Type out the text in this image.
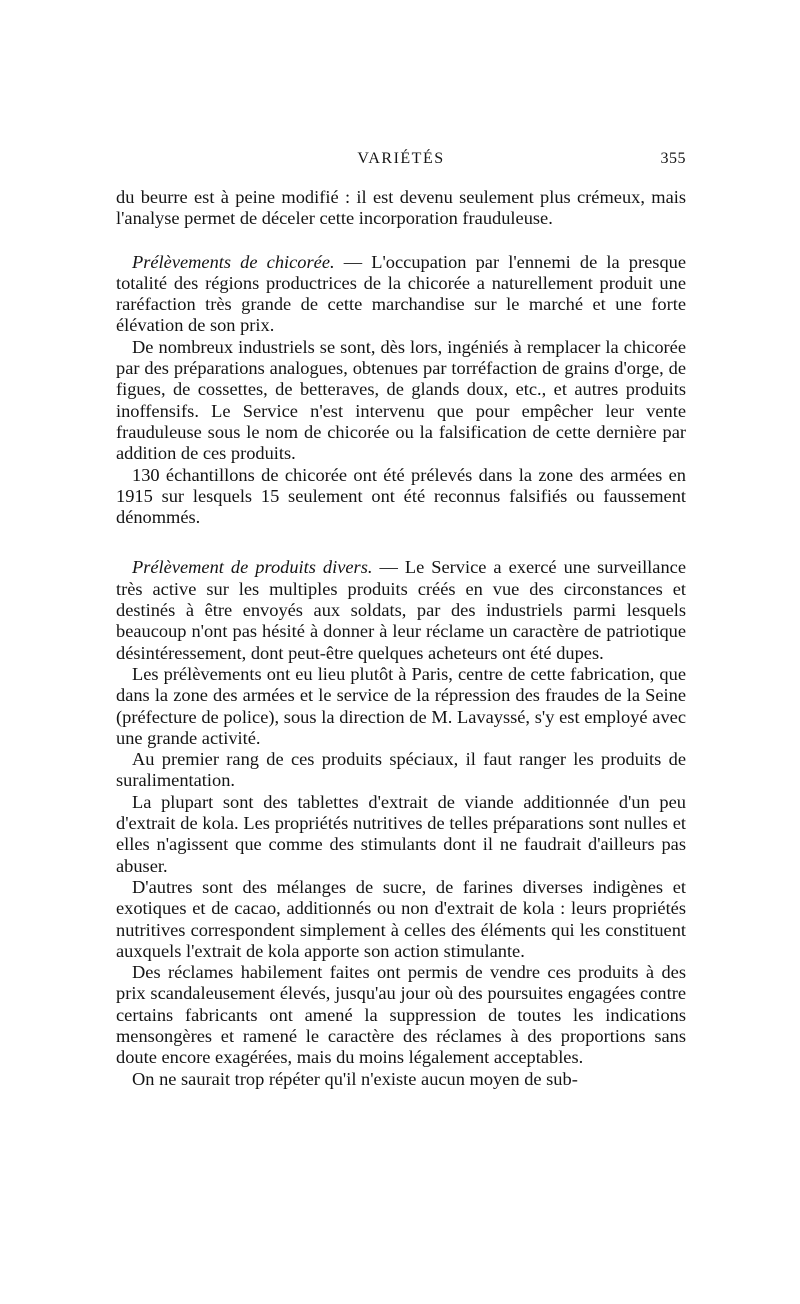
VARIÉTÉS	355

du beurre est à peine modifié : il est devenu seulement plus crémeux, mais l'analyse permet de déceler cette incorporation frauduleuse.

Prélèvements de chicorée. — L'occupation par l'ennemi de la presque totalité des régions productrices de la chicorée a naturellement produit une raréfaction très grande de cette marchandise sur le marché et une forte élévation de son prix.

De nombreux industriels se sont, dès lors, ingéniés à remplacer la chicorée par des préparations analogues, obtenues par torréfaction de grains d'orge, de figues, de cossettes, de betteraves, de glands doux, etc., et autres produits inoffensifs. Le Service n'est intervenu que pour empêcher leur vente frauduleuse sous le nom de chicorée ou la falsification de cette dernière par addition de ces produits.

130 échantillons de chicorée ont été prélevés dans la zone des armées en 1915 sur lesquels 15 seulement ont été reconnus falsifiés ou faussement dénommés.

Prélèvement de produits divers. — Le Service a exercé une surveillance très active sur les multiples produits créés en vue des circonstances et destinés à être envoyés aux soldats, par des industriels parmi lesquels beaucoup n'ont pas hésité à donner à leur réclame un caractère de patriotique désintéressement, dont peut-être quelques acheteurs ont été dupes.

Les prélèvements ont eu lieu plutôt à Paris, centre de cette fabrication, que dans la zone des armées et le service de la répression des fraudes de la Seine (préfecture de police), sous la direction de M. Lavayssé, s'y est employé avec une grande activité.

Au premier rang de ces produits spéciaux, il faut ranger les produits de suralimentation.

La plupart sont des tablettes d'extrait de viande additionnée d'un peu d'extrait de kola. Les propriétés nutritives de telles préparations sont nulles et elles n'agissent que comme des stimulants dont il ne faudrait d'ailleurs pas abuser.

D'autres sont des mélanges de sucre, de farines diverses indigènes et exotiques et de cacao, additionnés ou non d'extrait de kola : leurs propriétés nutritives correspondent simplement à celles des éléments qui les constituent auxquels l'extrait de kola apporte son action stimulante.

Des réclames habilement faites ont permis de vendre ces produits à des prix scandaleusement élevés, jusqu'au jour où des poursuites engagées contre certains fabricants ont amené la suppression de toutes les indications mensongères et ramené le caractère des réclames à des proportions sans doute encore exagérées, mais du moins légalement acceptables.

On ne saurait trop répéter qu'il n'existe aucun moyen de sub-
